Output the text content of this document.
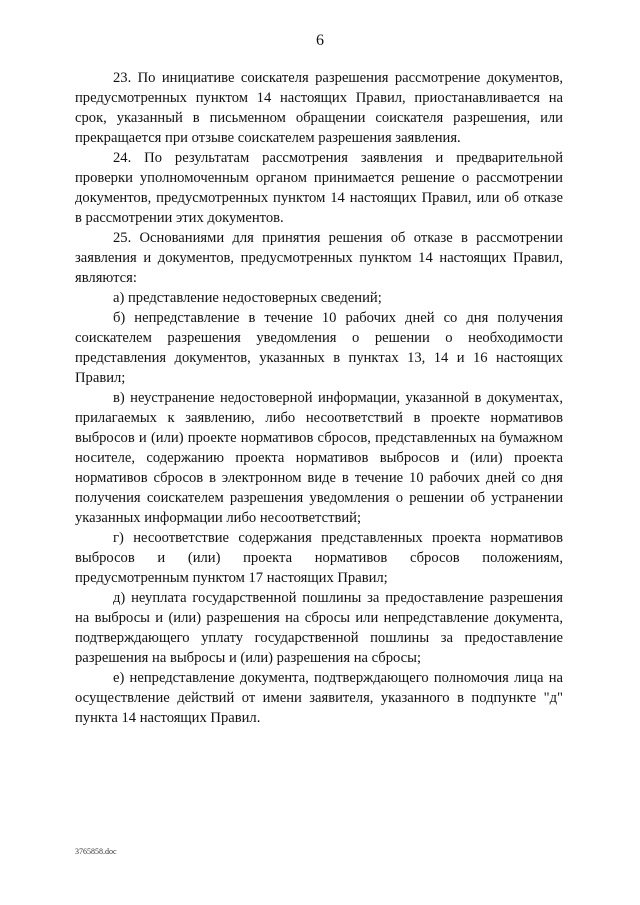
6

23. По инициативе соискателя разрешения рассмотрение документов, предусмотренных пунктом 14 настоящих Правил, приостанавливается на срок, указанный в письменном обращении соискателя разрешения, или прекращается при отзыве соискателем разрешения заявления.

24. По результатам рассмотрения заявления и предварительной проверки уполномоченным органом принимается решение о рассмотрении документов, предусмотренных пунктом 14 настоящих Правил, или об отказе в рассмотрении этих документов.

25. Основаниями для принятия решения об отказе в рассмотрении заявления и документов, предусмотренных пунктом 14 настоящих Правил, являются:

а) представление недостоверных сведений;

б) непредставление в течение 10 рабочих дней со дня получения соискателем разрешения уведомления о решении о необходимости представления документов, указанных в пунктах 13, 14 и 16 настоящих Правил;

в) неустранение недостоверной информации, указанной в документах, прилагаемых к заявлению, либо несоответствий в проекте нормативов выбросов и (или) проекте нормативов сбросов, представленных на бумажном носителе, содержанию проекта нормативов выбросов и (или) проекта нормативов сбросов в электронном виде в течение 10 рабочих дней со дня получения соискателем разрешения уведомления о решении об устранении указанных информации либо несоответствий;

г) несоответствие содержания представленных проекта нормативов выбросов и (или) проекта нормативов сбросов положениям, предусмотренным пунктом 17 настоящих Правил;

д) неуплата государственной пошлины за предоставление разрешения на выбросы и (или) разрешения на сбросы или непредставление документа, подтверждающего уплату государственной пошлины за предоставление разрешения на выбросы и (или) разрешения на сбросы;

е) непредставление документа, подтверждающего полномочия лица на осуществление действий от имени заявителя, указанного в подпункте "д" пункта 14 настоящих Правил.

3765858.doc
